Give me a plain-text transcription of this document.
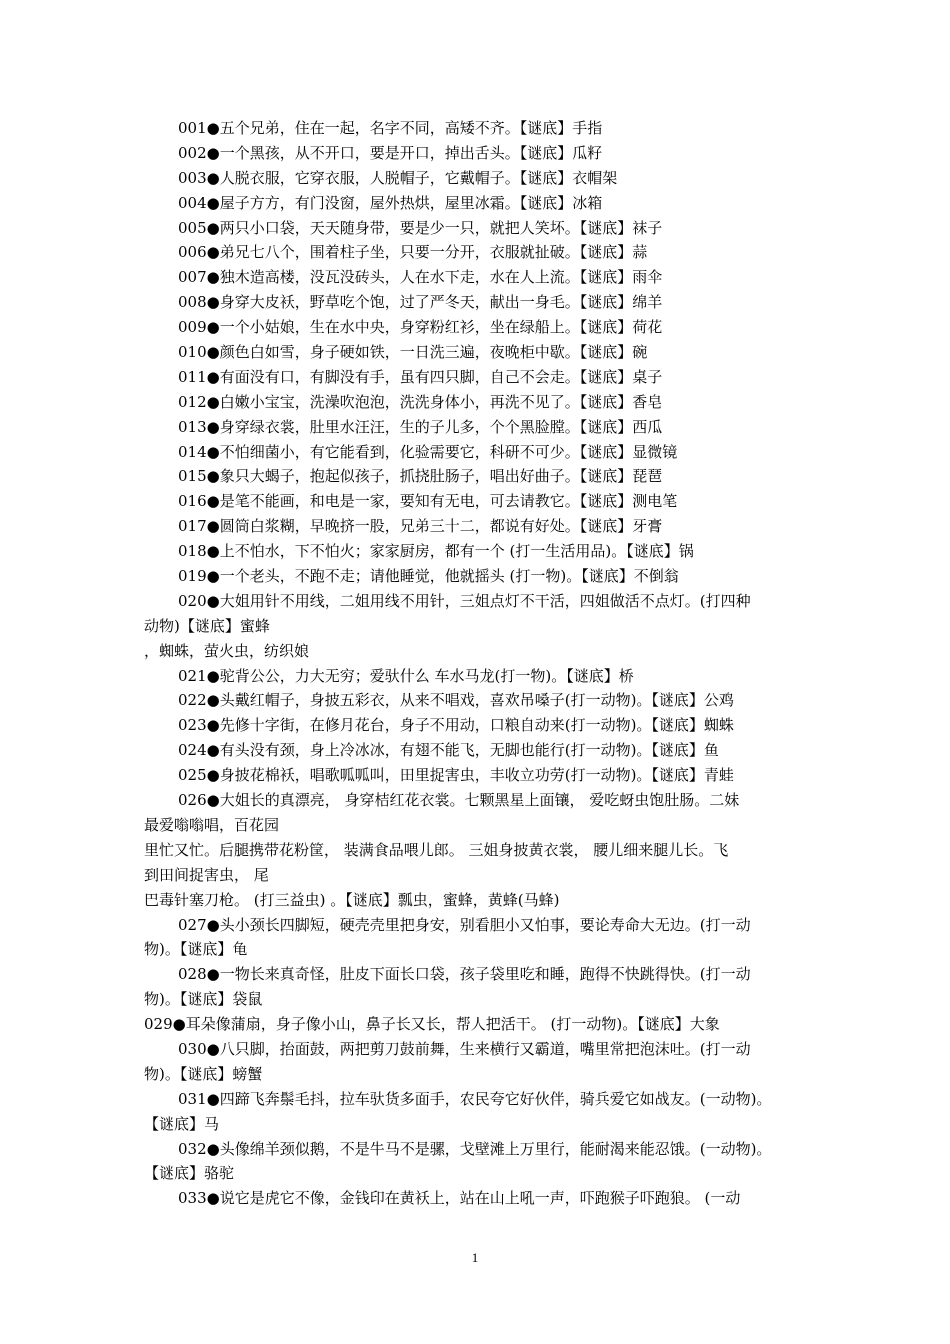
001●五个兄弟，住在一起，名字不同，高矮不齐。【谜底】手指
002●一个黑孩，从不开口，要是开口，掉出舌头。【谜底】瓜籽
003●人脱衣服，它穿衣服，人脱帽子，它戴帽子。【谜底】衣帽架
004●屋子方方，有门没窗，屋外热烘，屋里冰霜。【谜底】冰箱
005●两只小口袋，天天随身带，要是少一只，就把人笑坏。【谜底】袜子
006●弟兄七八个，围着柱子坐，只要一分开，衣服就扯破。【谜底】蒜
007●独木造高楼，没瓦没砖头，人在水下走，水在人上流。【谜底】雨伞
008●身穿大皮袄，野草吃个饱，过了严冬天，献出一身毛。【谜底】绵羊
009●一个小姑娘，生在水中央，身穿粉红衫，坐在绿船上。【谜底】荷花
010●颜色白如雪，身子硬如铁，一日洗三遍，夜晚柜中歇。【谜底】碗
011●有面没有口，有脚没有手，虽有四只脚，自己不会走。【谜底】桌子
012●白嫩小宝宝，洗澡吹泡泡，洗洗身体小，再洗不见了。【谜底】香皂
013●身穿绿衣裳，肚里水汪汪，生的子儿多，个个黑脸膛。【谜底】西瓜
014●不怕细菌小，有它能看到，化验需要它，科研不可少。【谜底】显微镜
015●象只大蝎子，抱起似孩子，抓挠肚肠子，唱出好曲子。【谜底】琵琶
016●是笔不能画，和电是一家，要知有无电，可去请教它。【谜底】测电笔
017●圆筒白浆糊，早晚挤一股，兄弟三十二，都说有好处。【谜底】牙膏
018●上不怕水，下不怕火；家家厨房，都有一个 (打一生活用品)。【谜底】锅
019●一个老头，不跑不走；请他睡觉，他就摇头 (打一物)。【谜底】不倒翁
020●大姐用针不用线，二姐用线不用针，三姐点灯不干活，四姐做活不点灯。(打四种
动物)【谜底】蜜蜂
，蜘蛛，萤火虫，纺织娘
021●驼背公公，力大无穷；爱驮什么 车水马龙(打一物)。【谜底】桥
022●头戴红帽子，身披五彩衣，从来不唱戏，喜欢吊嗓子(打一动物)。【谜底】公鸡
023●先修十字街，在修月花台，身子不用动，口粮自动来(打一动物)。【谜底】蜘蛛
024●有头没有颈，身上冷冰冰，有翅不能飞，无脚也能行(打一动物)。【谜底】鱼
025●身披花棉袄，唱歌呱呱叫，田里捉害虫，丰收立功劳(打一动物)。【谜底】青蛙
026●大姐长的真漂亮， 身穿桔红花衣裳。七颗黑星上面镶， 爱吃蚜虫饱肚肠。二妹
最爱嗡嗡唱，百花园
里忙又忙。后腿携带花粉筐， 装满食品喂儿郎。 三姐身披黄衣裳， 腰儿细来腿儿长。飞
到田间捉害虫， 尾
巴毒针塞刀枪。 (打三益虫) 。【谜底】瓢虫，蜜蜂，黄蜂(马蜂)
027●头小颈长四脚短，硬壳壳里把身安，别看胆小又怕事，要论寿命大无边。(打一动
物)。【谜底】龟
028●一物长来真奇怪，肚皮下面长口袋，孩子袋里吃和睡，跑得不快跳得快。(打一动
物)。【谜底】袋鼠
029●耳朵像蒲扇，身子像小山，鼻子长又长，帮人把活干。 (打一动物)。【谜底】大象
030●八只脚，抬面鼓，两把剪刀鼓前舞，生来横行又霸道，嘴里常把泡沫吐。(打一动
物)。【谜底】螃蟹
031●四蹄飞奔鬃毛抖，拉车驮货多面手，农民夸它好伙伴，骑兵爱它如战友。(一动物)。
【谜底】马
032●头像绵羊颈似鹅，不是牛马不是骡，戈壁滩上万里行，能耐渴来能忍饿。(一动物)。
【谜底】骆驼
033●说它是虎它不像，金钱印在黄袄上，站在山上吼一声，吓跑猴子吓跑狼。 (一动
1
